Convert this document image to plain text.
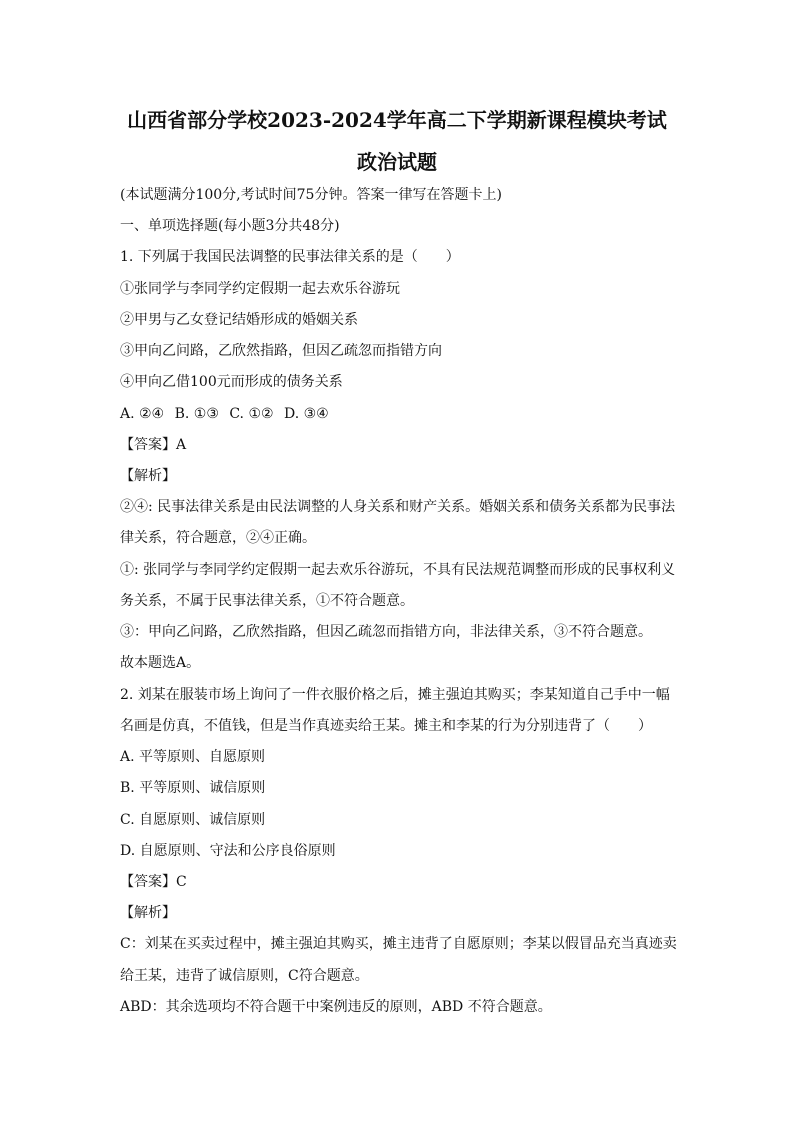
山西省部分学校2023-2024学年高二下学期新课程模块考试
政治试题

(本试题满分100分,考试时间75分钟。答案一律写在答题卡上)

一、单项选择题(每小题3分共48分)

1. 下列属于我国民法调整的民事法律关系的是（　　）

①张同学与李同学约定假期一起去欢乐谷游玩

②甲男与乙女登记结婚形成的婚姻关系

③甲向乙问路，乙欣然指路，但因乙疏忽而指错方向

④甲向乙借100元而形成的债务关系

A. ②④ B. ①③ C. ①② D. ③④

【答案】A

【解析】

②④: 民事法律关系是由民法调整的人身关系和财产关系。婚姻关系和债务关系都为民事法

律关系，符合题意，②④正确。

①: 张同学与李同学约定假期一起去欢乐谷游玩，不具有民法规范调整而形成的民事权利义

务关系，不属于民事法律关系，①不符合题意。

③：甲向乙问路，乙欣然指路，但因乙疏忽而指错方向，非法律关系，③不符合题意。

故本题选A。

2. 刘某在服装市场上询问了一件衣服价格之后，摊主强迫其购买；李某知道自己手中一幅

名画是仿真，不值钱，但是当作真迹卖给王某。摊主和李某的行为分别违背了（　　）

A. 平等原则、自愿原则

B. 平等原则、诚信原则

C. 自愿原则、诚信原则

D. 自愿原则、守法和公序良俗原则

【答案】C

【解析】

C：刘某在买卖过程中，摊主强迫其购买，摊主违背了自愿原则；李某以假冒品充当真迹卖

给王某，违背了诚信原则，C符合题意。

ABD：其余选项均不符合题干中案例违反的原则，ABD 不符合题意。
